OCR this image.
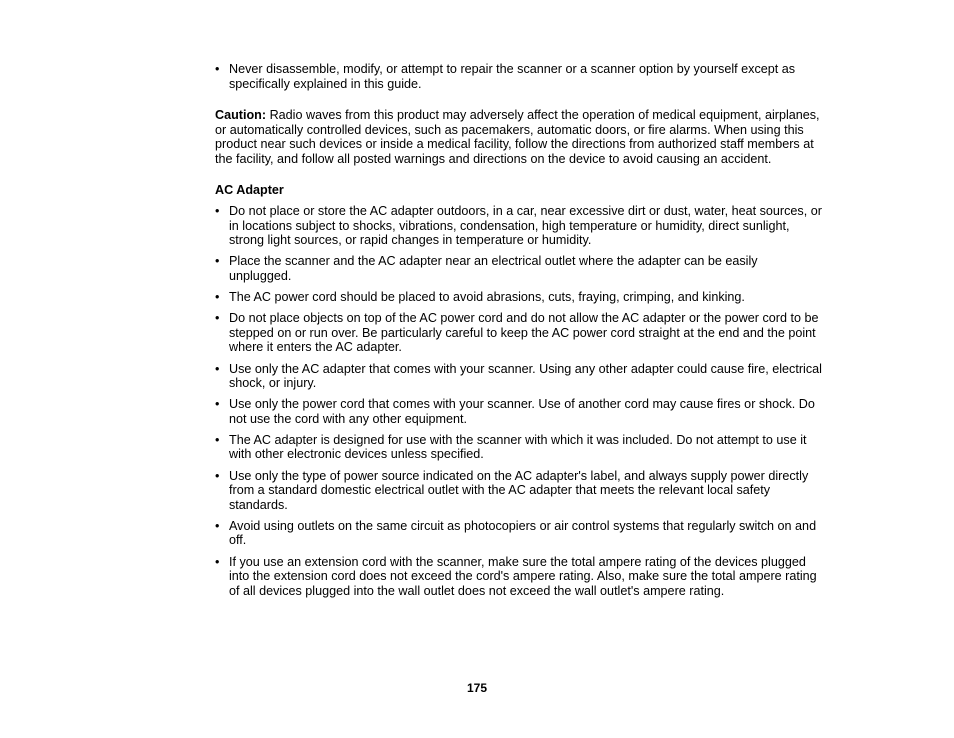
• Never disassemble, modify, or attempt to repair the scanner or a scanner option by yourself except as specifically explained in this guide.

Caution: Radio waves from this product may adversely affect the operation of medical equipment, airplanes, or automatically controlled devices, such as pacemakers, automatic doors, or fire alarms. When using this product near such devices or inside a medical facility, follow the directions from authorized staff members at the facility, and follow all posted warnings and directions on the device to avoid causing an accident.

AC Adapter
• Do not place or store the AC adapter outdoors, in a car, near excessive dirt or dust, water, heat sources, or in locations subject to shocks, vibrations, condensation, high temperature or humidity, direct sunlight, strong light sources, or rapid changes in temperature or humidity.
• Place the scanner and the AC adapter near an electrical outlet where the adapter can be easily unplugged.
• The AC power cord should be placed to avoid abrasions, cuts, fraying, crimping, and kinking.
• Do not place objects on top of the AC power cord and do not allow the AC adapter or the power cord to be stepped on or run over. Be particularly careful to keep the AC power cord straight at the end and the point where it enters the AC adapter.
• Use only the AC adapter that comes with your scanner. Using any other adapter could cause fire, electrical shock, or injury.
• Use only the power cord that comes with your scanner. Use of another cord may cause fires or shock. Do not use the cord with any other equipment.
• The AC adapter is designed for use with the scanner with which it was included. Do not attempt to use it with other electronic devices unless specified.
• Use only the type of power source indicated on the AC adapter's label, and always supply power directly from a standard domestic electrical outlet with the AC adapter that meets the relevant local safety standards.
• Avoid using outlets on the same circuit as photocopiers or air control systems that regularly switch on and off.
• If you use an extension cord with the scanner, make sure the total ampere rating of the devices plugged into the extension cord does not exceed the cord's ampere rating. Also, make sure the total ampere rating of all devices plugged into the wall outlet does not exceed the wall outlet's ampere rating.
175
